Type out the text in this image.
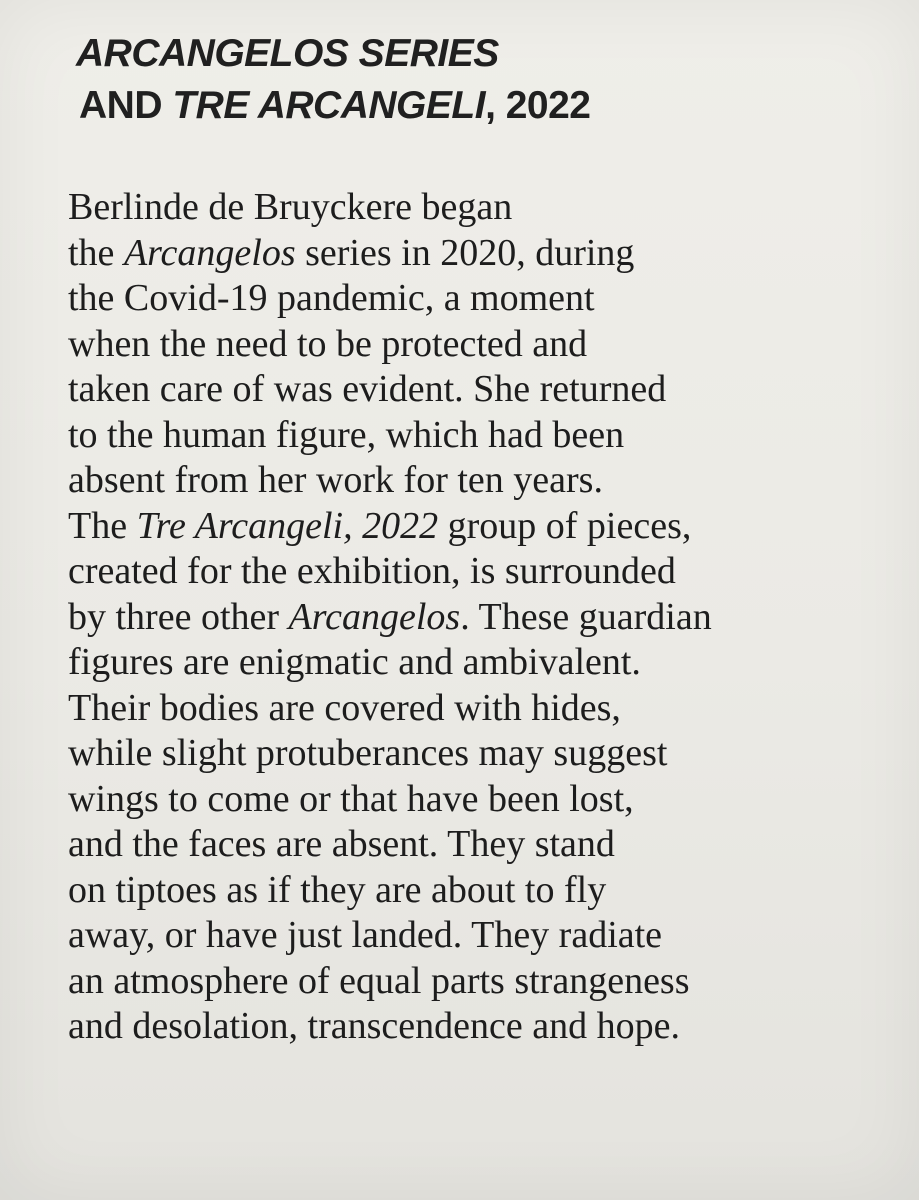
ARCANGELOS SERIES
AND TRE ARCANGELI, 2022

Berlinde de Bruyckere began
the Arcangelos series in 2020, during
the Covid-19 pandemic, a moment
when the need to be protected and
taken care of was evident. She returned
to the human figure, which had been
absent from her work for ten years.
The Tre Arcangeli, 2022 group of pieces,
created for the exhibition, is surrounded
by three other Arcangelos. These guardian
figures are enigmatic and ambivalent.
Their bodies are covered with hides,
while slight protuberances may suggest
wings to come or that have been lost,
and the faces are absent. They stand
on tiptoes as if they are about to fly
away, or have just landed. They radiate
an atmosphere of equal parts strangeness
and desolation, transcendence and hope.
